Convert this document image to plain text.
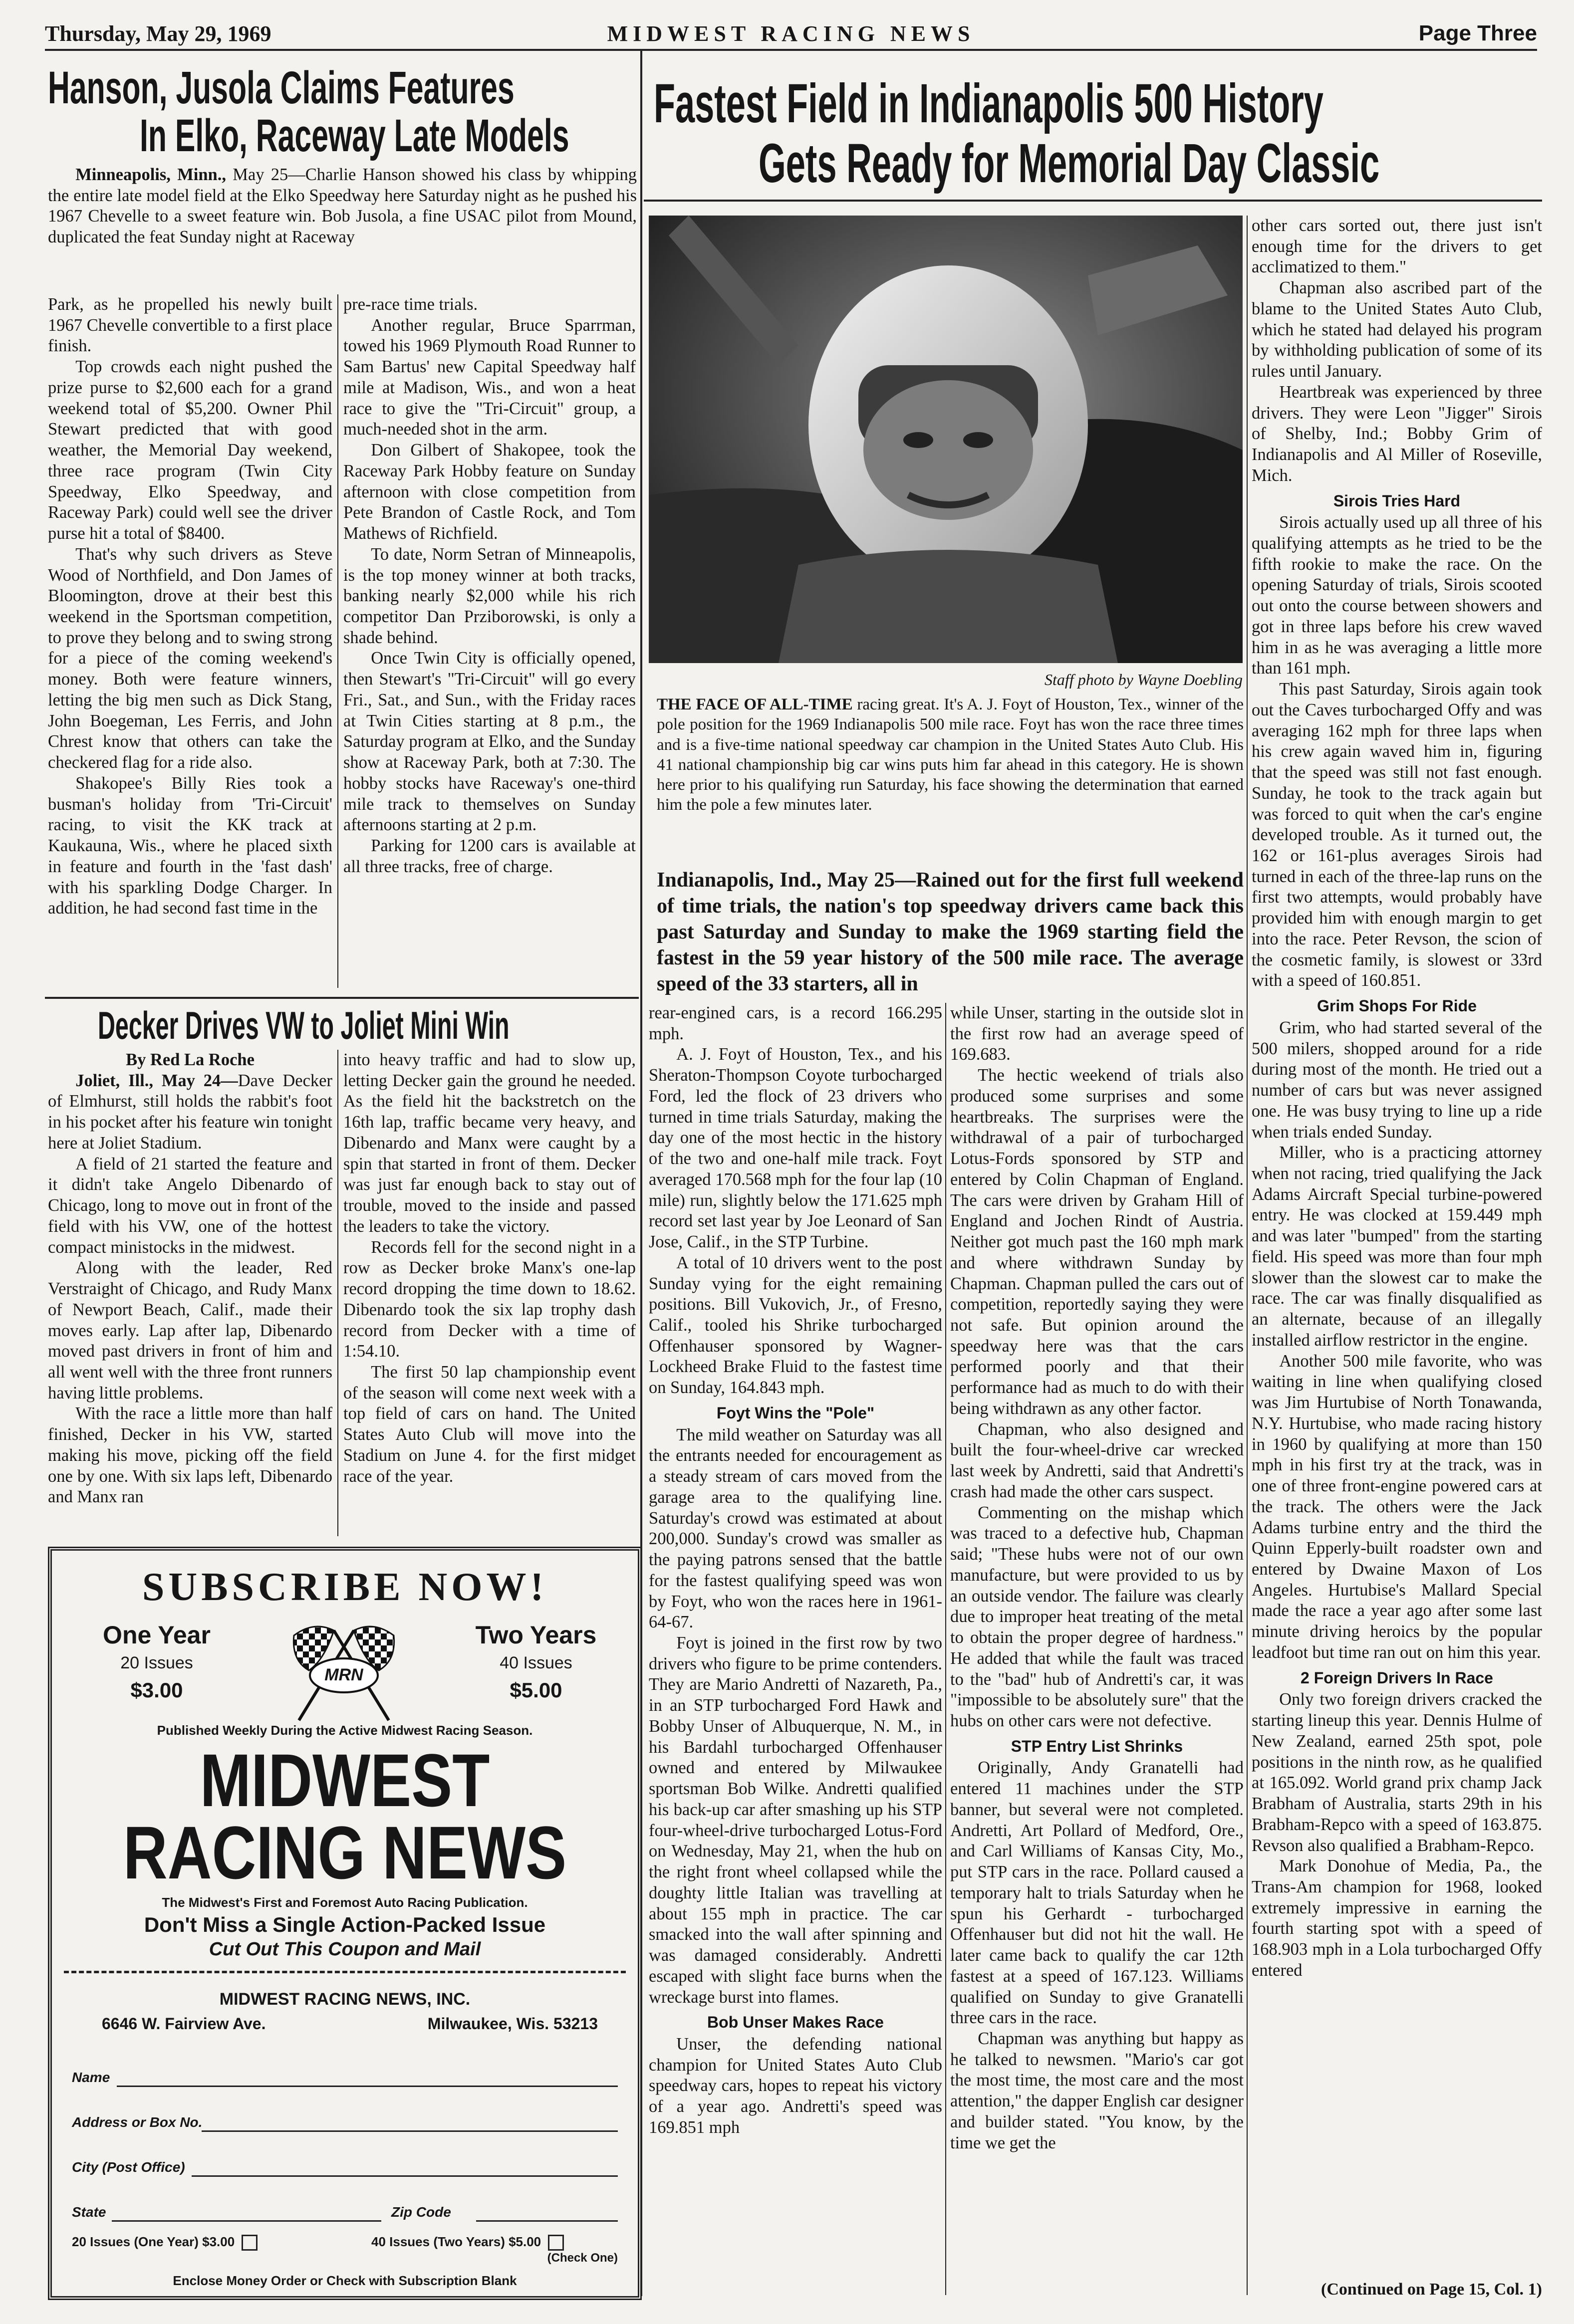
Thursday, May 29, 1969	MIDWEST RACING NEWS	Page Three
Hanson, Jusola Claims Features
In Elko, Raceway Late Models

Minneapolis, Minn., May 25—Charlie Hanson showed his class by whipping the entire late model field at the Elko Speedway here Saturday night as he pushed his 1967 Chevelle to a sweet feature win. Bob Jusola, a fine USAC pilot from Mound, duplicated the feat Sunday night at Raceway

Park, as he propelled his newly built 1967 Chevelle convertible to a first place finish.

Top crowds each night pushed the prize purse to $2,600 each for a grand weekend total of $5,200. Owner Phil Stewart predicted that with good weather, the Memorial Day weekend, three race program (Twin City Speedway, Elko Speedway, and Raceway Park) could well see the driver purse hit a total of $8400.

That's why such drivers as Steve Wood of Northfield, and Don James of Bloomington, drove at their best this weekend in the Sportsman competition, to prove they belong and to swing strong for a piece of the coming weekend's money. Both were feature winners, letting the big men such as Dick Stang, John Boegeman, Les Ferris, and John Chrest know that others can take the checkered flag for a ride also.

Shakopee's Billy Ries took a busman's holiday from 'Tri-Circuit' racing, to visit the KK track at Kaukauna, Wis., where he placed sixth in feature and fourth in the 'fast dash' with his sparkling Dodge Charger. In addition, he had second fast time in the

pre-race time trials.

Another regular, Bruce Sparrman, towed his 1969 Plymouth Road Runner to Sam Bartus' new Capital Speedway half mile at Madison, Wis., and won a heat race to give the "Tri-Circuit" group, a much-needed shot in the arm.

Don Gilbert of Shakopee, took the Raceway Park Hobby feature on Sunday afternoon with close competition from Pete Brandon of Castle Rock, and Tom Mathews of Richfield.

To date, Norm Setran of Minneapolis, is the top money winner at both tracks, banking nearly $2,000 while his rich competitor Dan Prziborowski, is only a shade behind.

Once Twin City is officially opened, then Stewart's "Tri-Circuit" will go every Fri., Sat., and Sun., with the Friday races at Twin Cities starting at 8 p.m., the Saturday program at Elko, and the Sunday show at Raceway Park, both at 7:30. The hobby stocks have Raceway's one-third mile track to themselves on Sunday afternoons starting at 2 p.m.

Parking for 1200 cars is available at all three tracks, free of charge.

Decker Drives VW to Joliet Mini Win

By Red La Roche

Joliet, Ill., May 24—Dave Decker of Elmhurst, still holds the rabbit's foot in his pocket after his feature win tonight here at Joliet Stadium.

A field of 21 started the feature and it didn't take Angelo Dibenardo of Chicago, long to move out in front of the field with his VW, one of the hottest compact ministocks in the midwest.

Along with the leader, Red Verstraight of Chicago, and Rudy Manx of Newport Beach, Calif., made their moves early. Lap after lap, Dibenardo moved past drivers in front of him and all went well with the three front runners having little problems.

With the race a little more than half finished, Decker in his VW, started making his move, picking off the field one by one. With six laps left, Dibenardo and Manx ran

into heavy traffic and had to slow up, letting Decker gain the ground he needed. As the field hit the backstretch on the 16th lap, traffic became very heavy, and Dibenardo and Manx were caught by a spin that started in front of them. Decker was just far enough back to stay out of trouble, moved to the inside and passed the leaders to take the victory.

Records fell for the second night in a row as Decker broke Manx's one-lap record dropping the time down to 18.62. Dibenardo took the six lap trophy dash record from Decker with a time of 1:54.10.

The first 50 lap championship event of the season will come next week with a top field of cars on hand. The United States Auto Club will move into the Stadium on June 4. for the first midget race of the year.

SUBSCRIBE NOW!
One Year
20 Issues
$3.00
MRN
Two Years
40 Issues
$5.00
Published Weekly During the Active Midwest Racing Season.
MIDWEST
RACING NEWS
The Midwest's First and Foremost Auto Racing Publication.
Don't Miss a Single Action-Packed Issue
Cut Out This Coupon and Mail
MIDWEST RACING NEWS, INC.
6646 W. Fairview Ave.	Milwaukee, Wis. 53213
Name
Address or Box No.
City (Post Office)
State	Zip Code
20 Issues (One Year) $3.00	40 Issues (Two Years) $5.00
(Check One)
Enclose Money Order or Check with Subscription Blank
Fastest Field in Indianapolis 500 History
Gets Ready for Memorial Day Classic
Staff photo by Wayne Doebling
THE FACE OF ALL-TIME racing great. It's A. J. Foyt of Houston, Tex., winner of the pole position for the 1969 Indianapolis 500 mile race. Foyt has won the race three times and is a five-time national speedway car champion in the United States Auto Club. His 41 national championship big car wins puts him far ahead in this category. He is shown here prior to his qualifying run Saturday, his face showing the determination that earned him the pole a few minutes later.
Indianapolis, Ind., May 25—Rained out for the first full weekend of time trials, the nation's top speedway drivers came back this past Saturday and Sunday to make the 1969 starting field the fastest in the 59 year history of the 500 mile race. The average speed of the 33 starters, all in

rear-engined cars, is a record 166.295 mph.

A. J. Foyt of Houston, Tex., and his Sheraton-Thompson Coyote turbocharged Ford, led the flock of 23 drivers who turned in time trials Saturday, making the day one of the most hectic in the history of the two and one-half mile track. Foyt averaged 170.568 mph for the four lap (10 mile) run, slightly below the 171.625 mph record set last year by Joe Leonard of San Jose, Calif., in the STP Turbine.

A total of 10 drivers went to the post Sunday vying for the eight remaining positions. Bill Vukovich, Jr., of Fresno, Calif., tooled his Shrike turbocharged Offenhauser sponsored by Wagner-Lockheed Brake Fluid to the fastest time on Sunday, 164.843 mph.

Foyt Wins the "Pole"

The mild weather on Saturday was all the entrants needed for encouragement as a steady stream of cars moved from the garage area to the qualifying line. Saturday's crowd was estimated at about 200,000. Sunday's crowd was smaller as the paying patrons sensed that the battle for the fastest qualifying speed was won by Foyt, who won the races here in 1961-64-67.

Foyt is joined in the first row by two drivers who figure to be prime contenders. They are Mario Andretti of Nazareth, Pa., in an STP turbocharged Ford Hawk and Bobby Unser of Albuquerque, N. M., in his Bardahl turbocharged Offenhauser owned and entered by Milwaukee sportsman Bob Wilke. Andretti qualified his back-up car after smashing up his STP four-wheel-drive turbocharged Lotus-Ford on Wednesday, May 21, when the hub on the right front wheel collapsed while the doughty little Italian was travelling at about 155 mph in practice. The car smacked into the wall after spinning and was damaged considerably. Andretti escaped with slight face burns when the wreckage burst into flames.

Bob Unser Makes Race

Unser, the defending national champion for United States Auto Club speedway cars, hopes to repeat his victory of a year ago. Andretti's speed was 169.851 mph

while Unser, starting in the outside slot in the first row had an average speed of 169.683.

The hectic weekend of trials also produced some surprises and some heartbreaks. The surprises were the withdrawal of a pair of turbocharged Lotus-Fords sponsored by STP and entered by Colin Chapman of England. The cars were driven by Graham Hill of England and Jochen Rindt of Austria. Neither got much past the 160 mph mark and where withdrawn Sunday by Chapman. Chapman pulled the cars out of competition, reportedly saying they were not safe. But opinion around the speedway here was that the cars performed poorly and that their performance had as much to do with their being withdrawn as any other factor.

Chapman, who also designed and built the four-wheel-drive car wrecked last week by Andretti, said that Andretti's crash had made the other cars suspect.

Commenting on the mishap which was traced to a defective hub, Chapman said; "These hubs were not of our own manufacture, but were provided to us by an outside vendor. The failure was clearly due to improper heat treating of the metal to obtain the proper degree of hardness." He added that while the fault was traced to the "bad" hub of Andretti's car, it was "impossible to be absolutely sure" that the hubs on other cars were not defective.

STP Entry List Shrinks

Originally, Andy Granatelli had entered 11 machines under the STP banner, but several were not completed. Andretti, Art Pollard of Medford, Ore., and Carl Williams of Kansas City, Mo., put STP cars in the race. Pollard caused a temporary halt to trials Saturday when he spun his Gerhardt - turbocharged Offenhauser but did not hit the wall. He later came back to qualify the car 12th fastest at a speed of 167.123. Williams qualified on Sunday to give Granatelli three cars in the race.

Chapman was anything but happy as he talked to newsmen. "Mario's car got the most time, the most care and the most attention," the dapper English car designer and builder stated. "You know, by the time we get the

other cars sorted out, there just isn't enough time for the drivers to get acclimatized to them."

Chapman also ascribed part of the blame to the United States Auto Club, which he stated had delayed his program by withholding publication of some of its rules until January.

Heartbreak was experienced by three drivers. They were Leon "Jigger" Sirois of Shelby, Ind.; Bobby Grim of Indianapolis and Al Miller of Roseville, Mich.

Sirois Tries Hard

Sirois actually used up all three of his qualifying attempts as he tried to be the fifth rookie to make the race. On the opening Saturday of trials, Sirois scooted out onto the course between showers and got in three laps before his crew waved him in as he was averaging a little more than 161 mph.

This past Saturday, Sirois again took out the Caves turbocharged Offy and was averaging 162 mph for three laps when his crew again waved him in, figuring that the speed was still not fast enough. Sunday, he took to the track again but was forced to quit when the car's engine developed trouble. As it turned out, the 162 or 161-plus averages Sirois had turned in each of the three-lap runs on the first two attempts, would probably have provided him with enough margin to get into the race. Peter Revson, the scion of the cosmetic family, is slowest or 33rd with a speed of 160.851.

Grim Shops For Ride

Grim, who had started several of the 500 milers, shopped around for a ride during most of the month. He tried out a number of cars but was never assigned one. He was busy trying to line up a ride when trials ended Sunday.

Miller, who is a practicing attorney when not racing, tried qualifying the Jack Adams Aircraft Special turbine-powered entry. He was clocked at 159.449 mph and was later "bumped" from the starting field. His speed was more than four mph slower than the slowest car to make the race. The car was finally disqualified as an alternate, because of an illegally installed airflow restrictor in the engine.

Another 500 mile favorite, who was waiting in line when qualifying closed was Jim Hurtubise of North Tonawanda, N.Y. Hurtubise, who made racing history in 1960 by qualifying at more than 150 mph in his first try at the track, was in one of three front-engine powered cars at the track. The others were the Jack Adams turbine entry and the third the Quinn Epperly-built roadster own and entered by Dwaine Maxon of Los Angeles. Hurtubise's Mallard Special made the race a year ago after some last minute driving heroics by the popular leadfoot but time ran out on him this year.

2 Foreign Drivers In Race

Only two foreign drivers cracked the starting lineup this year. Dennis Hulme of New Zealand, earned 25th spot, pole positions in the ninth row, as he qualified at 165.092. World grand prix champ Jack Brabham of Australia, starts 29th in his Brabham-Repco with a speed of 163.875. Revson also qualified a Brabham-Repco.

Mark Donohue of Media, Pa., the Trans-Am champion for 1968, looked extremely impressive in earning the fourth starting spot with a speed of 168.903 mph in a Lola turbocharged Offy entered

(Continued on Page 15, Col. 1)
